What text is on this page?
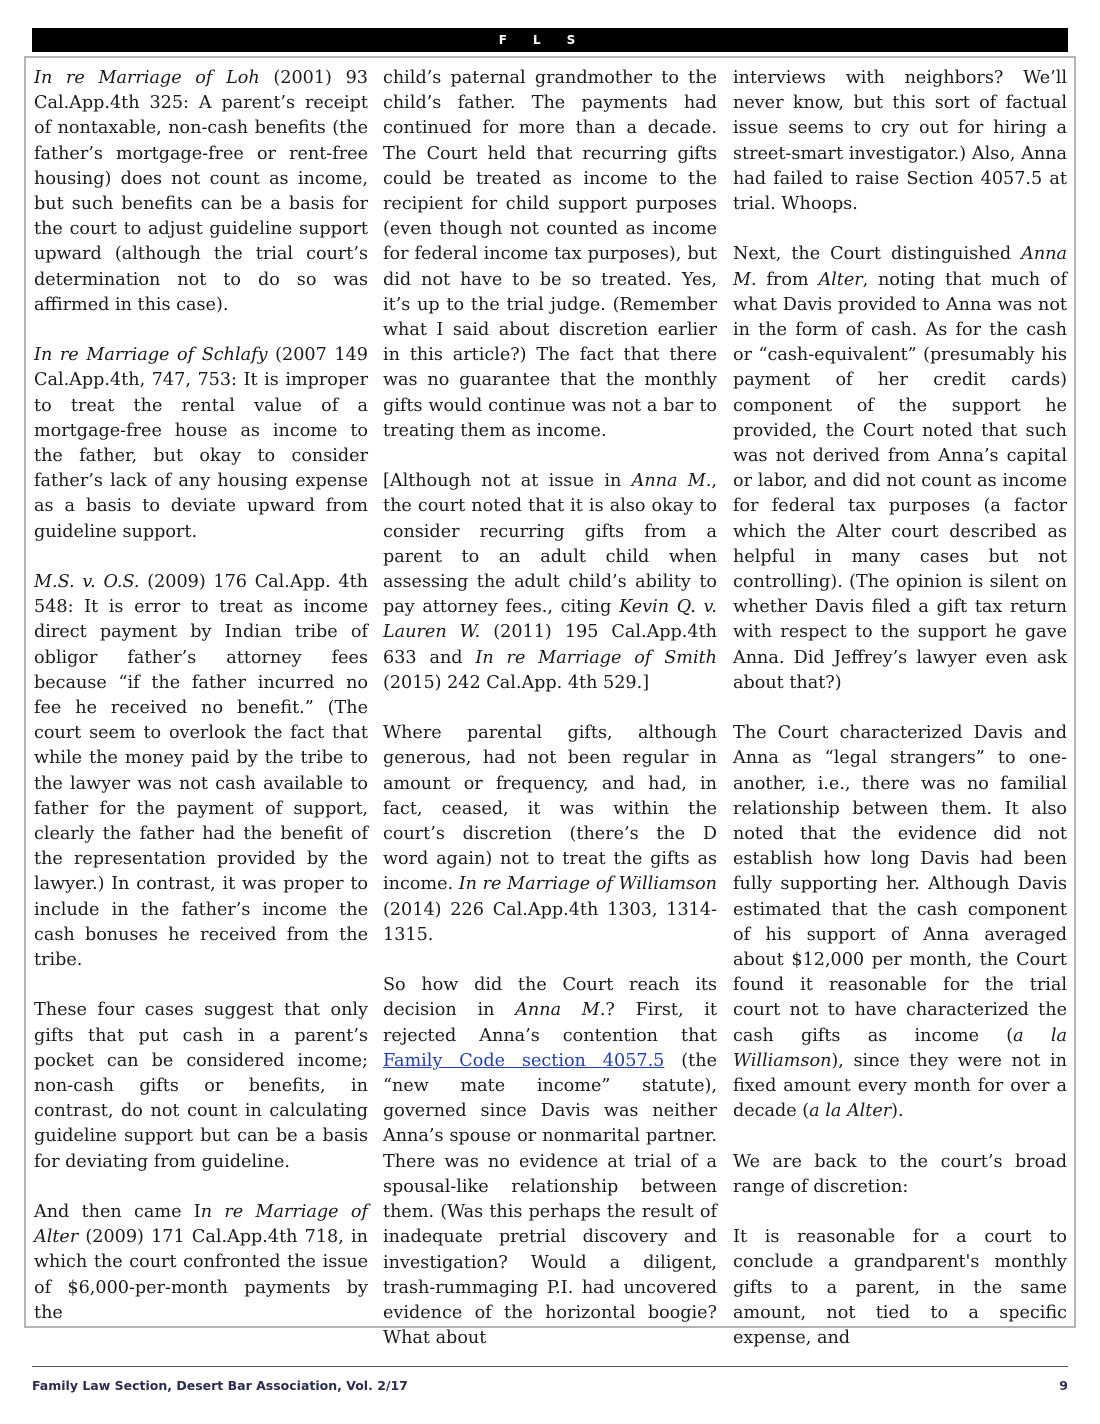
FLS

In re Marriage of Loh (2001) 93 Cal.App.4th 325: A parent’s receipt of nontaxable, non-cash benefits (the father’s mortgage-free or rent-free housing) does not count as income, but such benefits can be a basis for the court to adjust guideline support upward (although the trial court’s determination not to do so was affirmed in this case).

In re Marriage of Schlafy (2007 149 Cal.App.4th, 747, 753: It is improper to treat the rental value of a mortgage-free house as income to the father, but okay to consider father’s lack of any housing expense as a basis to deviate upward from guideline support.

M.S. v. O.S. (2009) 176 Cal.App. 4th 548: It is error to treat as income direct payment by Indian tribe of obligor father’s attorney fees because “if the father incurred no fee he received no benefit.” (The court seem to overlook the fact that while the money paid by the tribe to the lawyer was not cash available to father for the payment of support, clearly the father had the benefit of the representation provided by the lawyer.) In contrast, it was proper to include in the father’s income the cash bonuses he received from the tribe.

These four cases suggest that only gifts that put cash in a parent’s pocket can be considered income; non-cash gifts or benefits, in contrast, do not count in calculating guideline support but can be a basis for deviating from guideline.

And then came In re Marriage of Alter (2009) 171 Cal.App.4th 718, in which the court confronted the issue of $6,000-per-month payments by the

child’s paternal grandmother to the child’s father. The payments had continued for more than a decade. The Court held that recurring gifts could be treated as income to the recipient for child support purposes (even though not counted as income for federal income tax purposes), but did not have to be so treated. Yes, it’s up to the trial judge. (Remember what I said about discretion earlier in this article?) The fact that there was no guarantee that the monthly gifts would continue was not a bar to treating them as income.

[Although not at issue in Anna M., the court noted that it is also okay to consider recurring gifts from a parent to an adult child when assessing the adult child’s ability to pay attorney fees., citing Kevin Q. v. Lauren W. (2011) 195 Cal.App.4th 633 and In re Marriage of Smith (2015) 242 Cal.App. 4th 529.]

Where parental gifts, although generous, had not been regular in amount or frequency, and had, in fact, ceased, it was within the court’s discretion (there’s the D word again) not to treat the gifts as income. In re Marriage of Williamson (2014) 226 Cal.App.4th 1303, 1314-1315.

So how did the Court reach its decision in Anna M.? First, it rejected Anna’s contention that Family Code section 4057.5 (the “new mate income” statute), governed since Davis was neither Anna’s spouse or nonmarital partner. There was no evidence at trial of a spousal-like relationship between them. (Was this perhaps the result of inadequate pretrial discovery and investigation? Would a diligent, trash-rummaging P.I. had uncovered evidence of the horizontal boogie? What about

interviews with neighbors? We’ll never know, but this sort of factual issue seems to cry out for hiring a street-smart investigator.) Also, Anna had failed to raise Section 4057.5 at trial. Whoops.

Next, the Court distinguished Anna M. from Alter, noting that much of what Davis provided to Anna was not in the form of cash. As for the cash or “cash-equivalent” (presumably his payment of her credit cards) component of the support he provided, the Court noted that such was not derived from Anna’s capital or labor, and did not count as income for federal tax purposes (a factor which the Alter court described as helpful in many cases but not controlling). (The opinion is silent on whether Davis filed a gift tax return with respect to the support he gave Anna. Did Jeffrey’s lawyer even ask about that?)

The Court characterized Davis and Anna as “legal strangers” to one-another, i.e., there was no familial relationship between them. It also noted that the evidence did not establish how long Davis had been fully supporting her. Although Davis estimated that the cash component of his support of Anna averaged about $12,000 per month, the Court found it reasonable for the trial court not to have characterized the cash gifts as income (a la Williamson), since they were not in fixed amount every month for over a decade (a la Alter).

We are back to the court’s broad range of discretion:

It is reasonable for a court to conclude a grandparent's monthly gifts to a parent, in the same amount, not tied to a specific expense, and

Family Law Section, Desert Bar Association, Vol. 2/17	9
